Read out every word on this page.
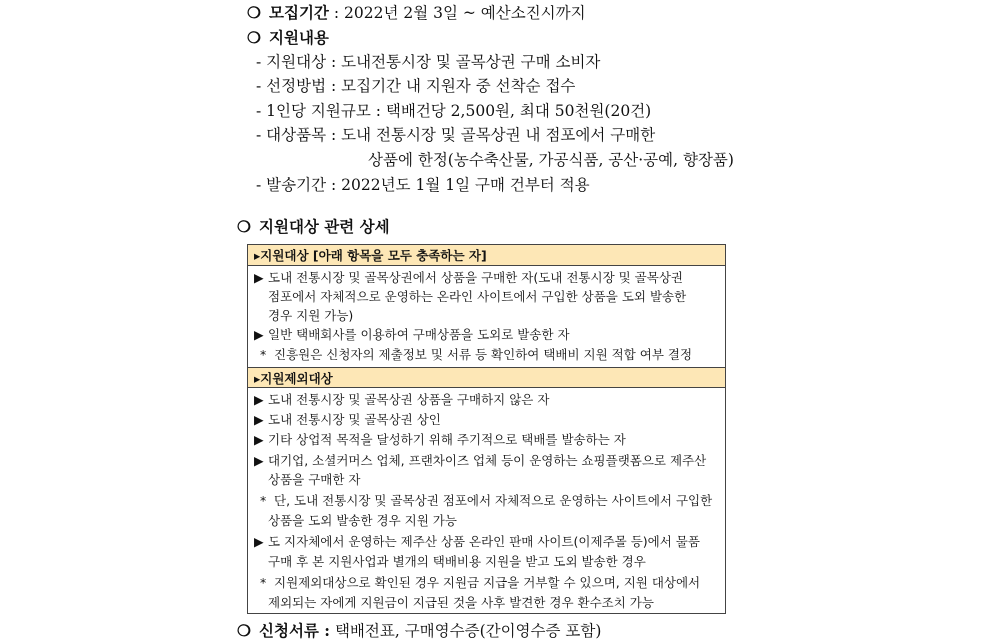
❍ 모집기간 : 2022년 2월 3일 ~ 예산소진시까지
❍ 지원내용
- 지원대상 : 도내전통시장 및 골목상권 구매 소비자
- 선정방법 : 모집기간 내 지원자 중 선착순 접수
- 1인당 지원규모 : 택배건당 2,500원, 최대 50천원(20건)
- 대상품목 : 도내 전통시장 및 골목상권 내 점포에서 구매한
상품에 한정(농수축산물, 가공식품, 공산·공예, 향장품)
- 발송기간 : 2022년도 1월 1일 구매 건부터 적용
❍ 지원대상 관련 상세
▸지원대상 [아래 항목을 모두 충족하는 자]
▶ 도내 전통시장 및 골목상권에서 상품을 구매한 자(도내 전통시장 및 골목상권
점포에서 자체적으로 운영하는 온라인 사이트에서 구입한 상품을 도외 발송한
경우 지원 가능)
▶ 일반 택배회사를 이용하여 구매상품을 도외로 발송한 자
* 진흥원은 신청자의 제출정보 및 서류 등 확인하여 택배비 지원 적합 여부 결정
▸지원제외대상
▶ 도내 전통시장 및 골목상권 상품을 구매하지 않은 자
▶ 도내 전통시장 및 골목상권 상인
▶ 기타 상업적 목적을 달성하기 위해 주기적으로 택배를 발송하는 자
▶ 대기업, 소셜커머스 업체, 프랜차이즈 업체 등이 운영하는 쇼핑플랫폼으로 제주산
상품을 구매한 자
* 단, 도내 전통시장 및 골목상권 점포에서 자체적으로 운영하는 사이트에서 구입한
상품을 도외 발송한 경우 지원 가능
▶ 도 지자체에서 운영하는 제주산 상품 온라인 판매 사이트(이제주몰 등)에서 물품
구매 후 본 지원사업과 별개의 택배비용 지원을 받고 도외 발송한 경우
* 지원제외대상으로 확인된 경우 지원금 지급을 거부할 수 있으며, 지원 대상에서
제외되는 자에게 지원금이 지급된 것을 사후 발견한 경우 환수조치 가능
❍ 신청서류 : 택배전표, 구매영수증(간이영수증 포함)
